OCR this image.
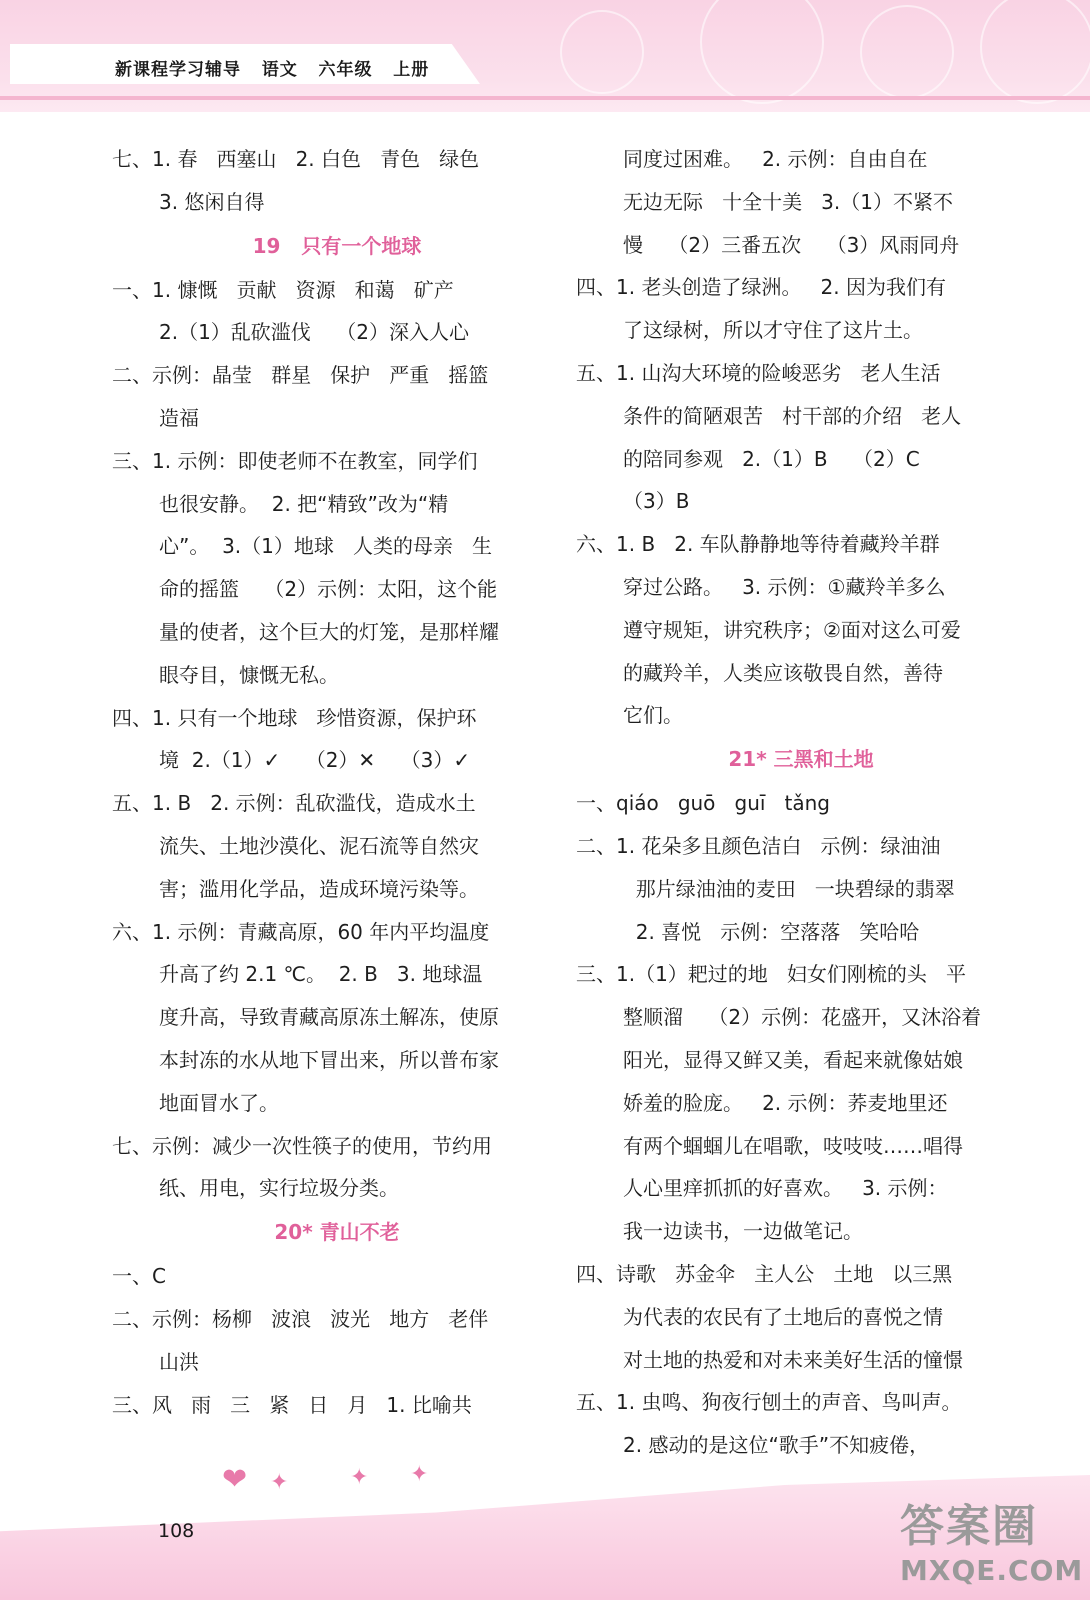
新课程学习辅导   语文   六年级   上册
七、1. 春   西塞山   2. 白色   青色   绿色
3. 悠闲自得
19   只有一个地球
一、1. 慷慨   贡献   资源   和蔼   矿产
2.（1）乱砍滥伐    （2）深入人心
二、示例：晶莹   群星   保护   严重   摇篮
造福
三、1. 示例：即使老师不在教室，同学们
也很安静。  2. 把“精致”改为“精
心”。  3.（1）地球   人类的母亲   生
命的摇篮    （2）示例：太阳，这个能
量的使者，这个巨大的灯笼，是那样耀
眼夺目，慷慨无私。
四、1. 只有一个地球   珍惜资源，保护环
境  2.（1）✓    （2）✕    （3）✓
五、1. B   2. 示例：乱砍滥伐，造成水土
流失、土地沙漠化、泥石流等自然灾
害；滥用化学品，造成环境污染等。
六、1. 示例：青藏高原，60 年内平均温度
升高了约 2.1 ℃。  2. B   3. 地球温
度升高，导致青藏高原冻土解冻，使原
本封冻的水从地下冒出来，所以普布家
地面冒水了。
七、示例：减少一次性筷子的使用，节约用
纸、用电，实行垃圾分类。
20* 青山不老
一、C
二、示例：杨柳   波浪   波光   地方   老伴
山洪
三、风   雨   三   紧   日   月   1. 比喻共
同度过困难。   2. 示例：自由自在
无边无际   十全十美   3.（1）不紧不
慢    （2）三番五次    （3）风雨同舟
四、1. 老头创造了绿洲。   2. 因为我们有
了这绿树，所以才守住了这片土。
五、1. 山沟大环境的险峻恶劣   老人生活
条件的简陋艰苦   村干部的介绍   老人
的陪同参观   2.（1）B    （2）C
（3）B
六、1. B   2. 车队静静地等待着藏羚羊群
穿过公路。   3. 示例：①藏羚羊多么
遵守规矩，讲究秩序；②面对这么可爱
的藏羚羊，人类应该敬畏自然，善待
它们。
21* 三黑和土地
一、qiáo   guō   guī   tǎng
二、1. 花朵多且颜色洁白   示例：绿油油
那片绿油油的麦田   一块碧绿的翡翠
2. 喜悦   示例：空落落   笑哈哈
三、1.（1）耙过的地   妇女们刚梳的头   平
整顺溜    （2）示例：花盛开，又沐浴着
阳光，显得又鲜又美，看起来就像姑娘
娇羞的脸庞。   2. 示例：荞麦地里还
有两个蝈蝈儿在唱歌，吱吱吱……唱得
人心里痒抓抓的好喜欢。   3. 示例：
我一边读书，一边做笔记。
四、诗歌   苏金伞   主人公   土地   以三黑
为代表的农民有了土地后的喜悦之情
对土地的热爱和对未来美好生活的憧憬
五、1. 虫鸣、狗夜行刨土的声音、鸟叫声。
2. 感动的是这位“歌手”不知疲倦，
❤ ✦	✦ ✦
108	答案圈
MXQE.COM
